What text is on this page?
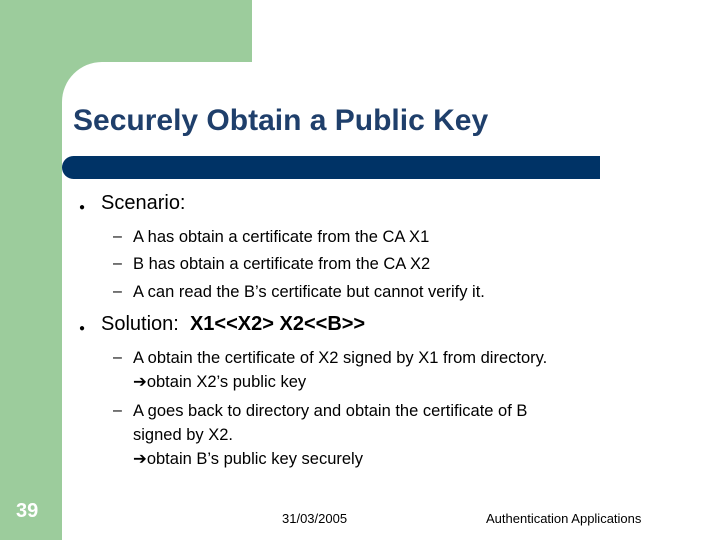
Securely Obtain a Public Key
● Scenario:
– A has obtain a certificate from the CA X1
– B has obtain a certificate from the CA X2
– A can read the B’s certificate but cannot verify it.
● Solution: X1<<X2> X2<<B>>
– A obtain the certificate of X2 signed by X1 from directory.
➔obtain X2’s public key
– A goes back to directory and obtain the certificate of B
signed by X2.
➔obtain B’s public key securely
39	31/03/2005	Authentication Applications
